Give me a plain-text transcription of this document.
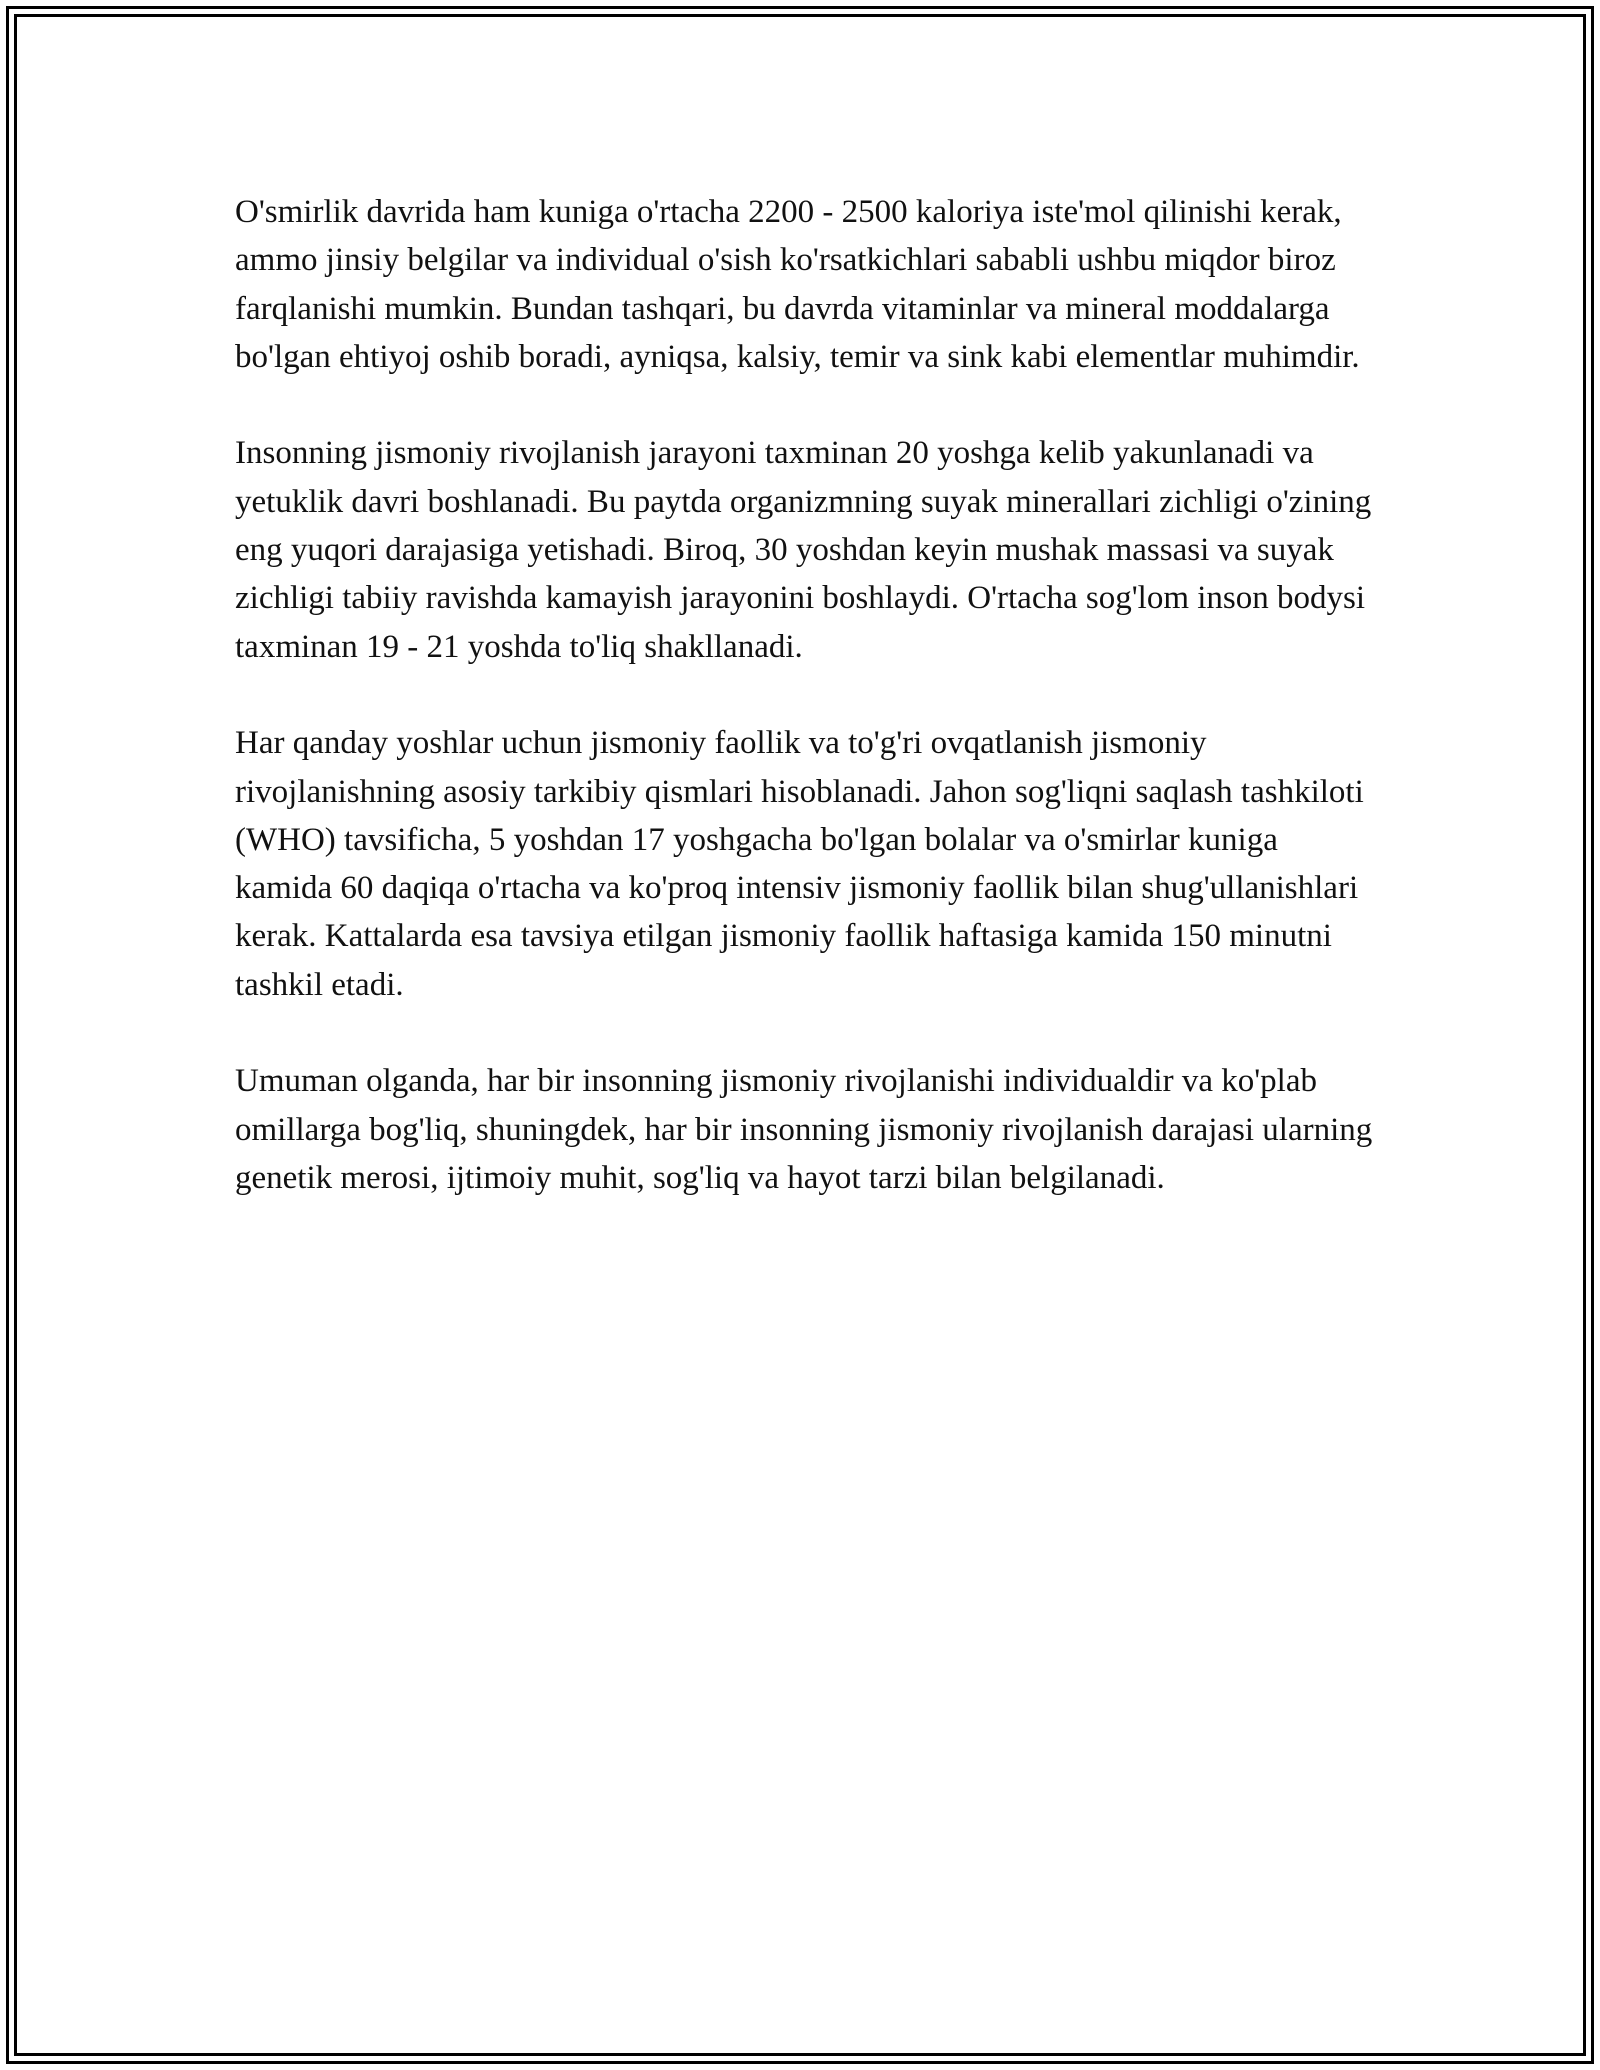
O'smirlik davrida ham kuniga o'rtacha 2200 - 2500 kaloriya iste'mol qilinishi kerak, ammo jinsiy belgilar va individual o'sish ko'rsatkichlari sababli ushbu miqdor biroz farqlanishi mumkin. Bundan tashqari, bu davrda vitaminlar va mineral moddalarga bo'lgan ehtiyoj oshib boradi, ayniqsa, kalsiy, temir va sink kabi elementlar muhimdir.

Insonning jismoniy rivojlanish jarayoni taxminan 20 yoshga kelib yakunlanadi va yetuklik davri boshlanadi. Bu paytda organizmning suyak minerallari zichligi o'zining eng yuqori darajasiga yetishadi. Biroq, 30 yoshdan keyin mushak massasi va suyak zichligi tabiiy ravishda kamayish jarayonini boshlaydi. O'rtacha sog'lom inson bodysi taxminan 19 - 21 yoshda to'liq shakllanadi.

Har qanday yoshlar uchun jismoniy faollik va to'g'ri ovqatlanish jismoniy rivojlanishning asosiy tarkibiy qismlari hisoblanadi. Jahon sog'liqni saqlash tashkiloti (WHO) tavsificha, 5 yoshdan 17 yoshgacha bo'lgan bolalar va o'smirlar kuniga kamida 60 daqiqa o'rtacha va ko'proq intensiv jismoniy faollik bilan shug'ullanishlari kerak. Kattalarda esa tavsiya etilgan jismoniy faollik haftasiga kamida 150 minutni tashkil etadi.

Umuman olganda, har bir insonning jismoniy rivojlanishi individualdir va ko'plab omillarga bog'liq, shuningdek, har bir insonning jismoniy rivojlanish darajasi ularning genetik merosi, ijtimoiy muhit, sog'liq va hayot tarzi bilan belgilanadi.
